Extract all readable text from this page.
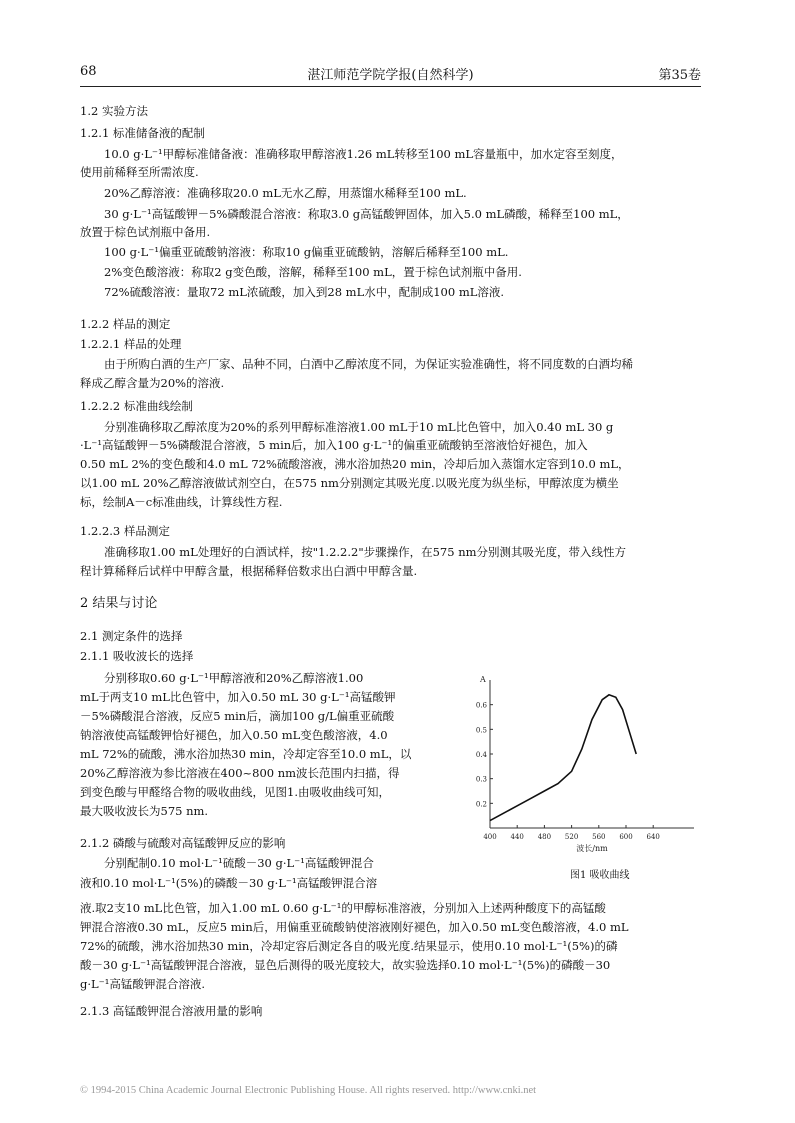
68	湛江师范学院学报(自然科学)	第35卷
1.2 实验方法
1.2.1 标准储备液的配制
10.0 g·L⁻¹甲醇标准储备液：准确移取甲醇溶液1.26 mL转移至100 mL容量瓶中，加水定容至刻度，
使用前稀释至所需浓度.
20%乙醇溶液：准确移取20.0 mL无水乙醇，用蒸馏水稀释至100 mL.
30 g·L⁻¹高锰酸钾－5%磷酸混合溶液：称取3.0 g高锰酸钾固体，加入5.0 mL磷酸，稀释至100 mL，
放置于棕色试剂瓶中备用.
100 g·L⁻¹偏重亚硫酸钠溶液：称取10 g偏重亚硫酸钠，溶解后稀释至100 mL.
2%变色酸溶液：称取2 g变色酸，溶解，稀释至100 mL，置于棕色试剂瓶中备用.
72%硫酸溶液：量取72 mL浓硫酸，加入到28 mL水中，配制成100 mL溶液.
1.2.2 样品的测定
1.2.2.1 样品的处理
由于所购白酒的生产厂家、品种不同，白酒中乙醇浓度不同，为保证实验准确性，将不同度数的白酒均稀
释成乙醇含量为20%的溶液.
1.2.2.2 标准曲线绘制
分别准确移取乙醇浓度为20%的系列甲醇标准溶液1.00 mL于10 mL比色管中，加入0.40 mL 30 g
·L⁻¹高锰酸钾－5%磷酸混合溶液，5 min后，加入100 g·L⁻¹的偏重亚硫酸钠至溶液恰好褪色，加入
0.50 mL 2%的变色酸和4.0 mL 72%硫酸溶液，沸水浴加热20 min，冷却后加入蒸馏水定容到10.0 mL，
以1.00 mL 20%乙醇溶液做试剂空白，在575 nm分别测定其吸光度.以吸光度为纵坐标，甲醇浓度为横坐
标，绘制A－c标准曲线，计算线性方程.
1.2.2.3 样品测定
准确移取1.00 mL处理好的白酒试样，按"1.2.2.2"步骤操作，在575 nm分别测其吸光度，带入线性方
程计算稀释后试样中甲醇含量，根据稀释倍数求出白酒中甲醇含量.
2 结果与讨论
2.1 测定条件的选择
2.1.1 吸收波长的选择
分别移取0.60 g·L⁻¹甲醇溶液和20%乙醇溶液1.00
mL于两支10 mL比色管中，加入0.50 mL 30 g·L⁻¹高锰酸钾
－5%磷酸混合溶液，反应5 min后，滴加100 g/L偏重亚硫酸
钠溶液使高锰酸钾恰好褪色，加入0.50 mL变色酸溶液，4.0
mL 72%的硫酸，沸水浴加热30 min，冷却定容至10.0 mL，以
20%乙醇溶液为参比溶液在400~800 nm波长范围内扫描，得
到变色酸与甲醛络合物的吸收曲线，见图1.由吸收曲线可知，
最大吸收波长为575 nm.
2.1.2 磷酸与硫酸对高锰酸钾反应的影响
分别配制0.10 mol·L⁻¹硫酸－30 g·L⁻¹高锰酸钾混合
液和0.10 mol·L⁻¹(5%)的磷酸－30 g·L⁻¹高锰酸钾混合溶
液.取2支10 mL比色管，加入1.00 mL 0.60 g·L⁻¹的甲醇标准溶液，分别加入上述两种酸度下的高锰酸
钾混合溶液0.30 mL，反应5 min后，用偏重亚硫酸钠使溶液刚好褪色，加入0.50 mL变色酸溶液，4.0 mL
72%的硫酸，沸水浴加热30 min，冷却定容后测定各自的吸光度.结果显示，使用0.10 mol·L⁻¹(5%)的磷
酸－30 g·L⁻¹高锰酸钾混合溶液，显色后测得的吸光度较大，故实验选择0.10 mol·L⁻¹(5%)的磷酸－30
g·L⁻¹高锰酸钾混合溶液.
2.1.3 高锰酸钾混合溶液用量的影响
0.6
0.5
0.4
0.3
0.2
400 440 480 520 560 600 640
A
波长/nm
图1 吸收曲线
© 1994-2015 China Academic Journal Electronic Publishing House. All rights reserved. http://www.cnki.net
